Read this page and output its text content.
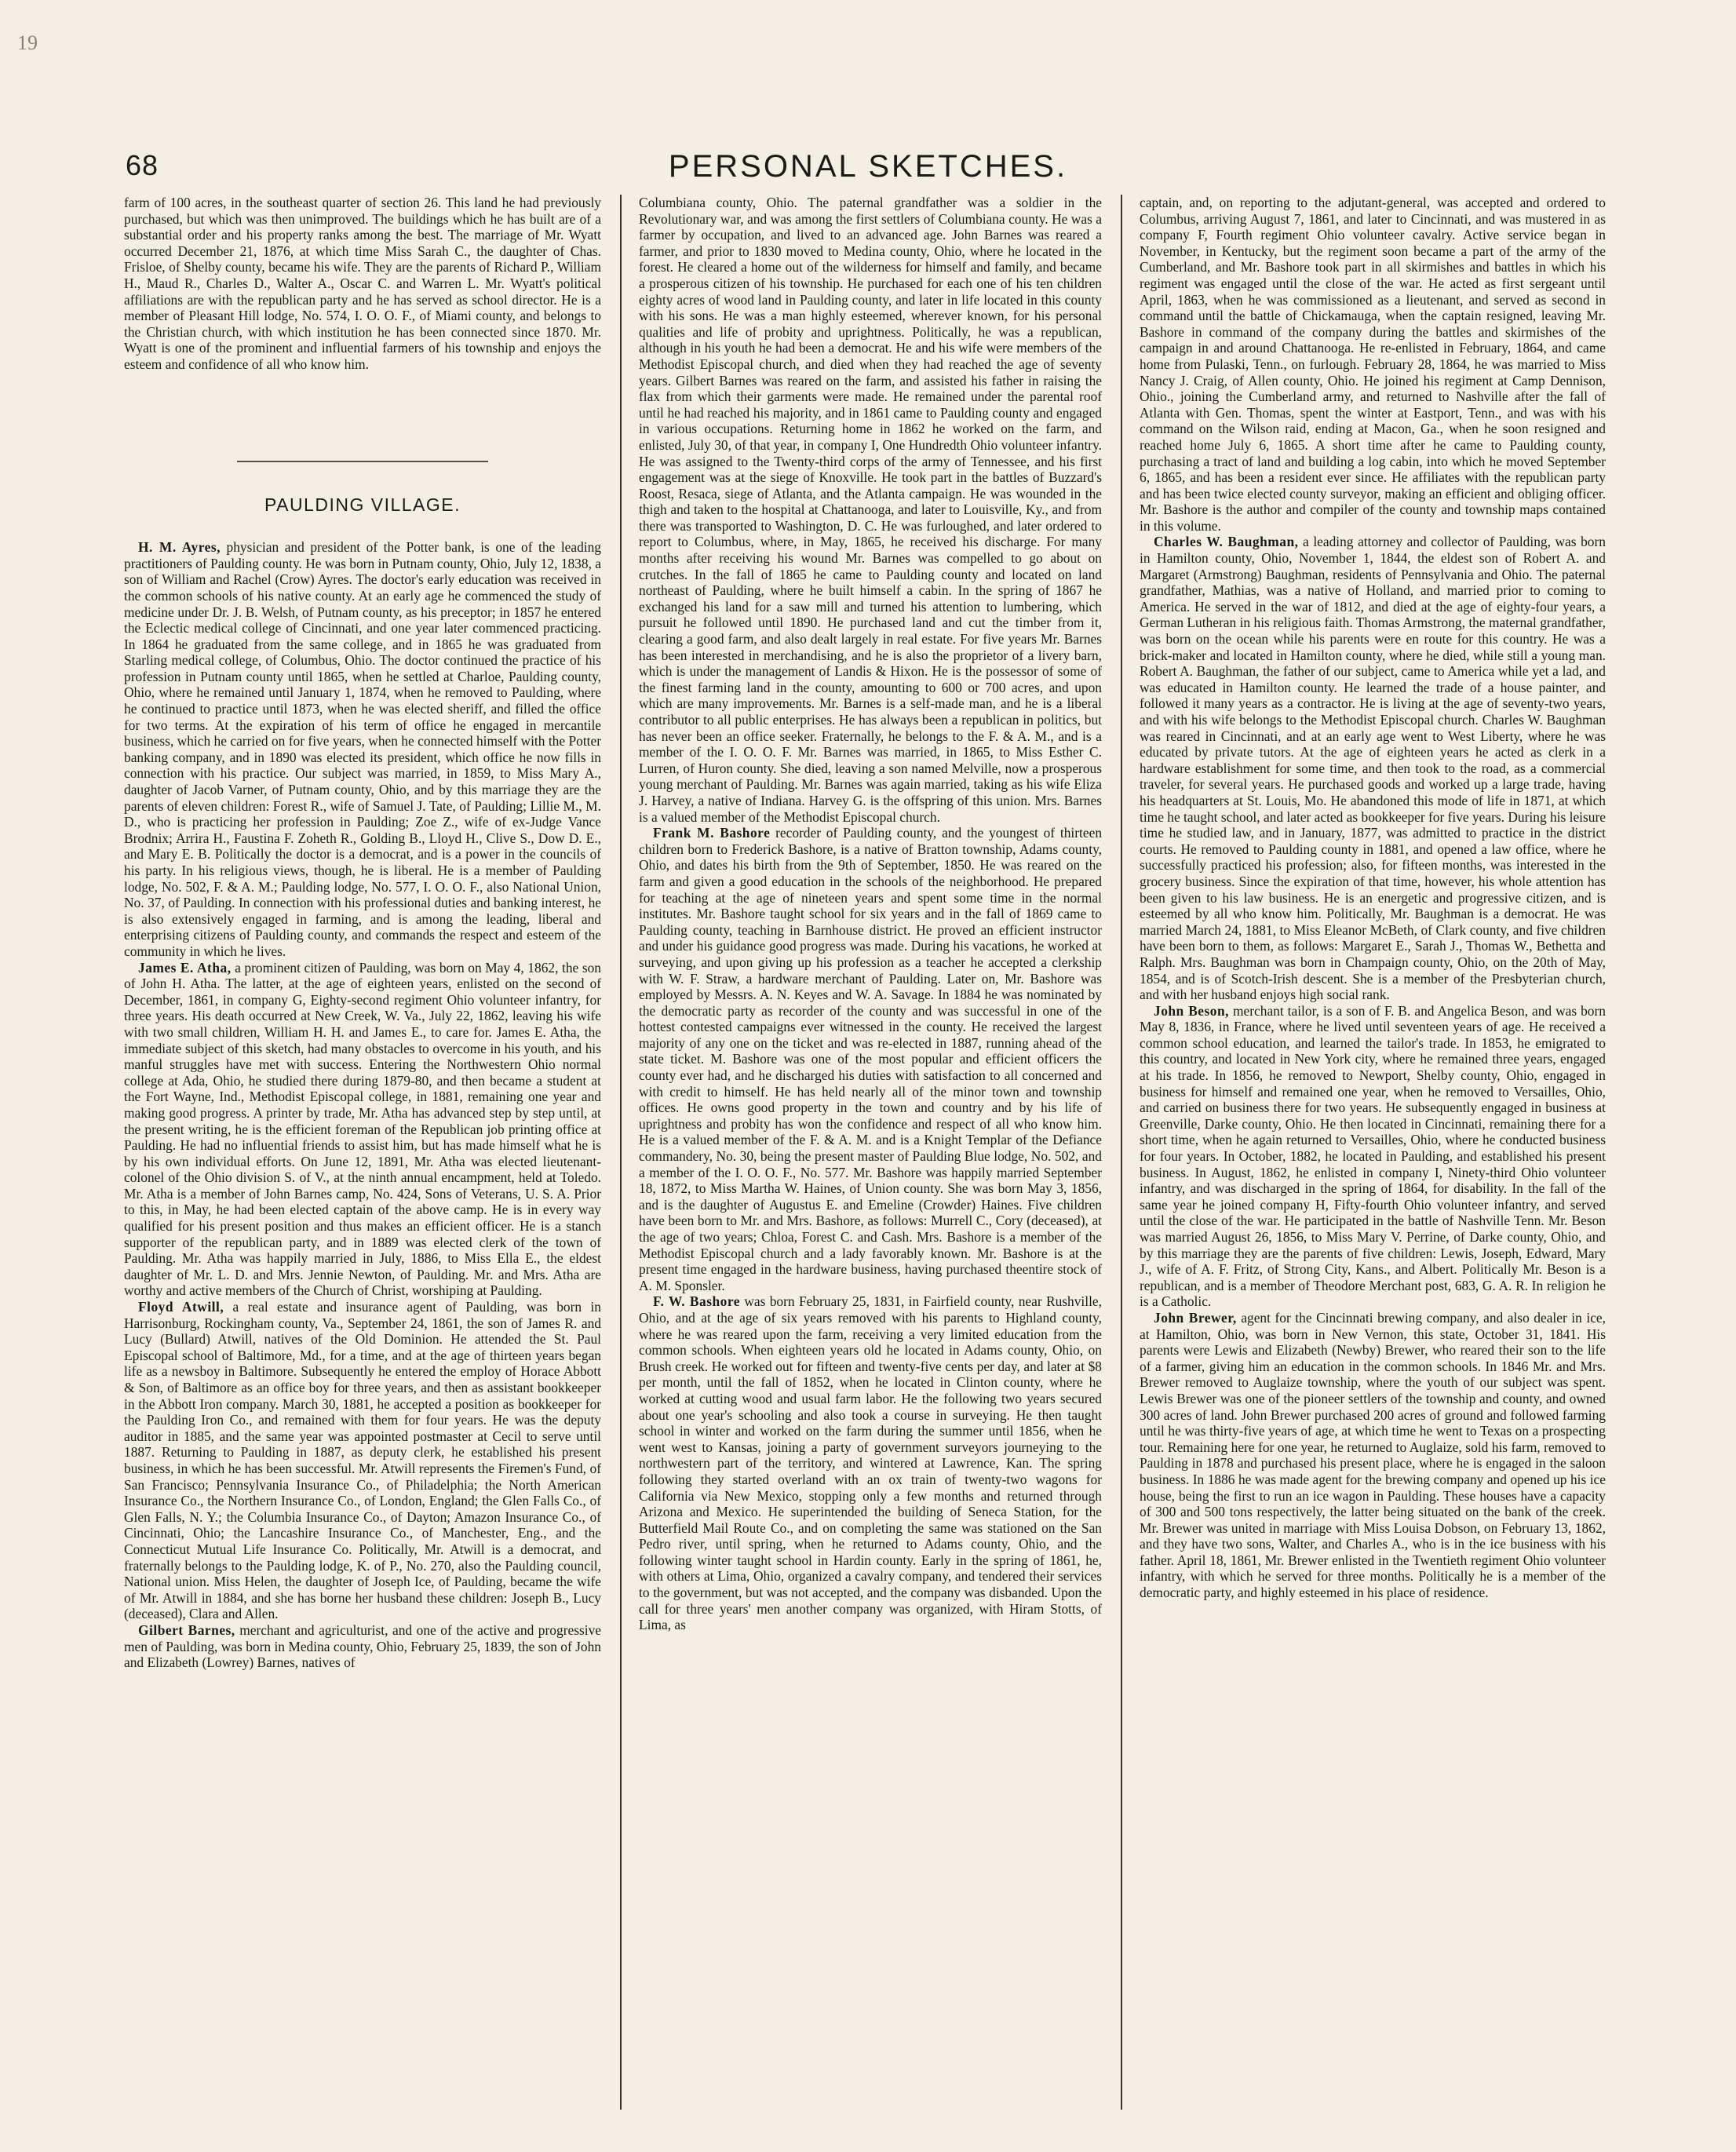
19
68	PERSONAL SKETCHES.

farm of 100 acres, in the southeast quarter of section 26. This land he had previously purchased, but which was then unimproved. The buildings which he has built are of a substantial order and his property ranks among the best. The marriage of Mr. Wyatt occurred December 21, 1876, at which time Miss Sarah C., the daughter of Chas. Frisloe, of Shelby county, became his wife. They are the parents of Richard P., William H., Maud R., Charles D., Walter A., Oscar C. and Warren L. Mr. Wyatt's political affiliations are with the republican party and he has served as school director. He is a member of Pleasant Hill lodge, No. 574, I. O. O. F., of Miami county, and belongs to the Christian church, with which institution he has been connected since 1870. Mr. Wyatt is one of the prominent and influential farmers of his township and enjoys the esteem and confidence of all who know him.

PAULDING VILLAGE.

H. M. Ayres, physician and president of the Potter bank, is one of the leading practitioners of Paulding county. He was born in Putnam county, Ohio, July 12, 1838, a son of William and Rachel (Crow) Ayres. The doctor's early education was received in the common schools of his native county. At an early age he commenced the study of medicine under Dr. J. B. Welsh, of Putnam county, as his preceptor; in 1857 he entered the Eclectic medical college of Cincinnati, and one year later commenced practicing. In 1864 he graduated from the same college, and in 1865 he was graduated from Starling medical college, of Columbus, Ohio. The doctor continued the practice of his profession in Putnam county until 1865, when he settled at Charloe, Paulding county, Ohio, where he remained until January 1, 1874, when he removed to Paulding, where he continued to practice until 1873, when he was elected sheriff, and filled the office for two terms. At the expiration of his term of office he engaged in mercantile business, which he carried on for five years, when he connected himself with the Potter banking company, and in 1890 was elected its president, which office he now fills in connection with his practice. Our subject was married, in 1859, to Miss Mary A., daughter of Jacob Varner, of Putnam county, Ohio, and by this marriage they are the parents of eleven children: Forest R., wife of Samuel J. Tate, of Paulding; Lillie M., M. D., who is practicing her profession in Paulding; Zoe Z., wife of ex-Judge Vance Brodnix; Arrira H., Faustina F. Zoheth R., Golding B., Lloyd H., Clive S., Dow D. E., and Mary E. B. Politically the doctor is a democrat, and is a power in the councils of his party. In his religious views, though, he is liberal. He is a member of Paulding lodge, No. 502, F. & A. M.; Paulding lodge, No. 577, I. O. O. F., also National Union, No. 37, of Paulding. In connection with his professional duties and banking interest, he is also extensively engaged in farming, and is among the leading, liberal and enterprising citizens of Paulding county, and commands the respect and esteem of the community in which he lives.

James E. Atha, a prominent citizen of Paulding, was born on May 4, 1862, the son of John H. Atha. The latter, at the age of eighteen years, enlisted on the second of December, 1861, in company G, Eighty-second regiment Ohio volunteer infantry, for three years. His death occurred at New Creek, W. Va., July 22, 1862, leaving his wife with two small children, William H. H. and James E., to care for. James E. Atha, the immediate subject of this sketch, had many obstacles to overcome in his youth, and his manful struggles have met with success. Entering the Northwestern Ohio normal college at Ada, Ohio, he studied there during 1879-80, and then became a student at the Fort Wayne, Ind., Methodist Episcopal college, in 1881, remaining one year and making good progress. A printer by trade, Mr. Atha has advanced step by step until, at the present writing, he is the efficient foreman of the Republican job printing office at Paulding. He had no influential friends to assist him, but has made himself what he is by his own individual efforts. On June 12, 1891, Mr. Atha was elected lieutenant-colonel of the Ohio division S. of V., at the ninth annual encampment, held at Toledo. Mr. Atha is a member of John Barnes camp, No. 424, Sons of Veterans, U. S. A. Prior to this, in May, he had been elected captain of the above camp. He is in every way qualified for his present position and thus makes an efficient officer. He is a stanch supporter of the republican party, and in 1889 was elected clerk of the town of Paulding. Mr. Atha was happily married in July, 1886, to Miss Ella E., the eldest daughter of Mr. L. D. and Mrs. Jennie Newton, of Paulding. Mr. and Mrs. Atha are worthy and active members of the Church of Christ, worshiping at Paulding.

Floyd Atwill, a real estate and insurance agent of Paulding, was born in Harrisonburg, Rockingham county, Va., September 24, 1861, the son of James R. and Lucy (Bullard) Atwill, natives of the Old Dominion. He attended the St. Paul Episcopal school of Baltimore, Md., for a time, and at the age of thirteen years began life as a newsboy in Baltimore. Subsequently he entered the employ of Horace Abbott & Son, of Baltimore as an office boy for three years, and then as assistant bookkeeper in the Abbott Iron company. March 30, 1881, he accepted a position as bookkeeper for the Paulding Iron Co., and remained with them for four years. He was the deputy auditor in 1885, and the same year was appointed postmaster at Cecil to serve until 1887. Returning to Paulding in 1887, as deputy clerk, he established his present business, in which he has been successful. Mr. Atwill represents the Firemen's Fund, of San Francisco; Pennsylvania Insurance Co., of Philadelphia; the North American Insurance Co., the Northern Insurance Co., of London, England; the Glen Falls Co., of Glen Falls, N. Y.; the Columbia Insurance Co., of Dayton; Amazon Insurance Co., of Cincinnati, Ohio; the Lancashire Insurance Co., of Manchester, Eng., and the Connecticut Mutual Life Insurance Co. Politically, Mr. Atwill is a democrat, and fraternally belongs to the Paulding lodge, K. of P., No. 270, also the Paulding council, National union. Miss Helen, the daughter of Joseph Ice, of Paulding, became the wife of Mr. Atwill in 1884, and she has borne her husband these children: Joseph B., Lucy (deceased), Clara and Allen.

Gilbert Barnes, merchant and agriculturist, and one of the active and progressive men of Paulding, was born in Medina county, Ohio, February 25, 1839, the son of John and Elizabeth (Lowrey) Barnes, natives of

Columbiana county, Ohio. The paternal grandfather was a soldier in the Revolutionary war, and was among the first settlers of Columbiana county. He was a farmer by occupation, and lived to an advanced age. John Barnes was reared a farmer, and prior to 1830 moved to Medina county, Ohio, where he located in the forest. He cleared a home out of the wilderness for himself and family, and became a prosperous citizen of his township. He purchased for each one of his ten children eighty acres of wood land in Paulding county, and later in life located in this county with his sons. He was a man highly esteemed, wherever known, for his personal qualities and life of probity and uprightness. Politically, he was a republican, although in his youth he had been a democrat. He and his wife were members of the Methodist Episcopal church, and died when they had reached the age of seventy years. Gilbert Barnes was reared on the farm, and assisted his father in raising the flax from which their garments were made. He remained under the parental roof until he had reached his majority, and in 1861 came to Paulding county and engaged in various occupations. Returning home in 1862 he worked on the farm, and enlisted, July 30, of that year, in company I, One Hundredth Ohio volunteer infantry. He was assigned to the Twenty-third corps of the army of Tennessee, and his first engagement was at the siege of Knoxville. He took part in the battles of Buzzard's Roost, Resaca, siege of Atlanta, and the Atlanta campaign. He was wounded in the thigh and taken to the hospital at Chattanooga, and later to Louisville, Ky., and from there was transported to Washington, D. C. He was furloughed, and later ordered to report to Columbus, where, in May, 1865, he received his discharge. For many months after receiving his wound Mr. Barnes was compelled to go about on crutches. In the fall of 1865 he came to Paulding county and located on land northeast of Paulding, where he built himself a cabin. In the spring of 1867 he exchanged his land for a saw mill and turned his attention to lumbering, which pursuit he followed until 1890. He purchased land and cut the timber from it, clearing a good farm, and also dealt largely in real estate. For five years Mr. Barnes has been interested in merchandising, and he is also the proprietor of a livery barn, which is under the management of Landis & Hixon. He is the possessor of some of the finest farming land in the county, amounting to 600 or 700 acres, and upon which are many improvements. Mr. Barnes is a self-made man, and he is a liberal contributor to all public enterprises. He has always been a republican in politics, but has never been an office seeker. Fraternally, he belongs to the F. & A. M., and is a member of the I. O. O. F. Mr. Barnes was married, in 1865, to Miss Esther C. Lurren, of Huron county. She died, leaving a son named Melville, now a prosperous young merchant of Paulding. Mr. Barnes was again married, taking as his wife Eliza J. Harvey, a native of Indiana. Harvey G. is the offspring of this union. Mrs. Barnes is a valued member of the Methodist Episcopal church.

Frank M. Bashore recorder of Paulding county, and the youngest of thirteen children born to Frederick Bashore, is a native of Bratton township, Adams county, Ohio, and dates his birth from the 9th of September, 1850. He was reared on the farm and given a good education in the schools of the neighborhood. He prepared for teaching at the age of nineteen years and spent some time in the normal institutes. Mr. Bashore taught school for six years and in the fall of 1869 came to Paulding county, teaching in Barnhouse district. He proved an efficient instructor and under his guidance good progress was made. During his vacations, he worked at surveying, and upon giving up his profession as a teacher he accepted a clerkship with W. F. Straw, a hardware merchant of Paulding. Later on, Mr. Bashore was employed by Messrs. A. N. Keyes and W. A. Savage. In 1884 he was nominated by the democratic party as recorder of the county and was successful in one of the hottest contested campaigns ever witnessed in the county. He received the largest majority of any one on the ticket and was re-elected in 1887, running ahead of the state ticket. M. Bashore was one of the most popular and efficient officers the county ever had, and he discharged his duties with satisfaction to all concerned and with credit to himself. He has held nearly all of the minor town and township offices. He owns good property in the town and country and by his life of uprightness and probity has won the confidence and respect of all who know him. He is a valued member of the F. & A. M. and is a Knight Templar of the Defiance commandery, No. 30, being the present master of Paulding Blue lodge, No. 502, and a member of the I. O. O. F., No. 577. Mr. Bashore was happily married September 18, 1872, to Miss Martha W. Haines, of Union county. She was born May 3, 1856, and is the daughter of Augustus E. and Emeline (Crowder) Haines. Five children have been born to Mr. and Mrs. Bashore, as follows: Murrell C., Cory (deceased), at the age of two years; Chloa, Forest C. and Cash. Mrs. Bashore is a member of the Methodist Episcopal church and a lady favorably known. Mr. Bashore is at the present time engaged in the hardware business, having purchased theentire stock of A. M. Sponsler.

F. W. Bashore was born February 25, 1831, in Fairfield county, near Rushville, Ohio, and at the age of six years removed with his parents to Highland county, where he was reared upon the farm, receiving a very limited education from the common schools. When eighteen years old he located in Adams county, Ohio, on Brush creek. He worked out for fifteen and twenty-five cents per day, and later at $8 per month, until the fall of 1852, when he located in Clinton county, where he worked at cutting wood and usual farm labor. He the following two years secured about one year's schooling and also took a course in surveying. He then taught school in winter and worked on the farm during the summer until 1856, when he went west to Kansas, joining a party of government surveyors journeying to the northwestern part of the territory, and wintered at Lawrence, Kan. The spring following they started overland with an ox train of twenty-two wagons for California via New Mexico, stopping only a few months and returned through Arizona and Mexico. He superintended the building of Seneca Station, for the Butterfield Mail Route Co., and on completing the same was stationed on the San Pedro river, until spring, when he returned to Adams county, Ohio, and the following winter taught school in Hardin county. Early in the spring of 1861, he, with others at Lima, Ohio, organized a cavalry company, and tendered their services to the government, but was not accepted, and the company was disbanded. Upon the call for three years' men another company was organized, with Hiram Stotts, of Lima, as

captain, and, on reporting to the adjutant-general, was accepted and ordered to Columbus, arriving August 7, 1861, and later to Cincinnati, and was mustered in as company F, Fourth regiment Ohio volunteer cavalry. Active service began in November, in Kentucky, but the regiment soon became a part of the army of the Cumberland, and Mr. Bashore took part in all skirmishes and battles in which his regiment was engaged until the close of the war. He acted as first sergeant until April, 1863, when he was commissioned as a lieutenant, and served as second in command until the battle of Chickamauga, when the captain resigned, leaving Mr. Bashore in command of the company during the battles and skirmishes of the campaign in and around Chattanooga. He re-enlisted in February, 1864, and came home from Pulaski, Tenn., on furlough. February 28, 1864, he was married to Miss Nancy J. Craig, of Allen county, Ohio. He joined his regiment at Camp Dennison, Ohio., joining the Cumberland army, and returned to Nashville after the fall of Atlanta with Gen. Thomas, spent the winter at Eastport, Tenn., and was with his command on the Wilson raid, ending at Macon, Ga., when he soon resigned and reached home July 6, 1865. A short time after he came to Paulding county, purchasing a tract of land and building a log cabin, into which he moved September 6, 1865, and has been a resident ever since. He affiliates with the republican party and has been twice elected county surveyor, making an efficient and obliging officer. Mr. Bashore is the author and compiler of the county and township maps contained in this volume.

Charles W. Baughman, a leading attorney and collector of Paulding, was born in Hamilton county, Ohio, November 1, 1844, the eldest son of Robert A. and Margaret (Armstrong) Baughman, residents of Pennsylvania and Ohio. The paternal grandfather, Mathias, was a native of Holland, and married prior to coming to America. He served in the war of 1812, and died at the age of eighty-four years, a German Lutheran in his religious faith. Thomas Armstrong, the maternal grandfather, was born on the ocean while his parents were en route for this country. He was a brick-maker and located in Hamilton county, where he died, while still a young man. Robert A. Baughman, the father of our subject, came to America while yet a lad, and was educated in Hamilton county. He learned the trade of a house painter, and followed it many years as a contractor. He is living at the age of seventy-two years, and with his wife belongs to the Methodist Episcopal church. Charles W. Baughman was reared in Cincinnati, and at an early age went to West Liberty, where he was educated by private tutors. At the age of eighteen years he acted as clerk in a hardware establishment for some time, and then took to the road, as a commercial traveler, for several years. He purchased goods and worked up a large trade, having his headquarters at St. Louis, Mo. He abandoned this mode of life in 1871, at which time he taught school, and later acted as bookkeeper for five years. During his leisure time he studied law, and in January, 1877, was admitted to practice in the district courts. He removed to Paulding county in 1881, and opened a law office, where he successfully practiced his profession; also, for fifteen months, was interested in the grocery business. Since the expiration of that time, however, his whole attention has been given to his law business. He is an energetic and progressive citizen, and is esteemed by all who know him. Politically, Mr. Baughman is a democrat. He was married March 24, 1881, to Miss Eleanor McBeth, of Clark county, and five children have been born to them, as follows: Margaret E., Sarah J., Thomas W., Bethetta and Ralph. Mrs. Baughman was born in Champaign county, Ohio, on the 20th of May, 1854, and is of Scotch-Irish descent. She is a member of the Presbyterian church, and with her husband enjoys high social rank.

John Beson, merchant tailor, is a son of F. B. and Angelica Beson, and was born May 8, 1836, in France, where he lived until seventeen years of age. He received a common school education, and learned the tailor's trade. In 1853, he emigrated to this country, and located in New York city, where he remained three years, engaged at his trade. In 1856, he removed to Newport, Shelby county, Ohio, engaged in business for himself and remained one year, when he removed to Versailles, Ohio, and carried on business there for two years. He subsequently engaged in business at Greenville, Darke county, Ohio. He then located in Cincinnati, remaining there for a short time, when he again returned to Versailles, Ohio, where he conducted business for four years. In October, 1882, he located in Paulding, and established his present business. In August, 1862, he enlisted in company I, Ninety-third Ohio volunteer infantry, and was discharged in the spring of 1864, for disability. In the fall of the same year he joined company H, Fifty-fourth Ohio volunteer infantry, and served until the close of the war. He participated in the battle of Nashville Tenn. Mr. Beson was married August 26, 1856, to Miss Mary V. Perrine, of Darke county, Ohio, and by this marriage they are the parents of five children: Lewis, Joseph, Edward, Mary J., wife of A. F. Fritz, of Strong City, Kans., and Albert. Politically Mr. Beson is a republican, and is a member of Theodore Merchant post, 683, G. A. R. In religion he is a Catholic.

John Brewer, agent for the Cincinnati brewing company, and also dealer in ice, at Hamilton, Ohio, was born in New Vernon, this state, October 31, 1841. His parents were Lewis and Elizabeth (Newby) Brewer, who reared their son to the life of a farmer, giving him an education in the common schools. In 1846 Mr. and Mrs. Brewer removed to Auglaize township, where the youth of our subject was spent. Lewis Brewer was one of the pioneer settlers of the township and county, and owned 300 acres of land. John Brewer purchased 200 acres of ground and followed farming until he was thirty-five years of age, at which time he went to Texas on a prospecting tour. Remaining here for one year, he returned to Auglaize, sold his farm, removed to Paulding in 1878 and purchased his present place, where he is engaged in the saloon business. In 1886 he was made agent for the brewing company and opened up his ice house, being the first to run an ice wagon in Paulding. These houses have a capacity of 300 and 500 tons respectively, the latter being situated on the bank of the creek. Mr. Brewer was united in marriage with Miss Louisa Dobson, on February 13, 1862, and they have two sons, Walter, and Charles A., who is in the ice business with his father. April 18, 1861, Mr. Brewer enlisted in the Twentieth regiment Ohio volunteer infantry, with which he served for three months. Politically he is a member of the democratic party, and highly esteemed in his place of residence.
